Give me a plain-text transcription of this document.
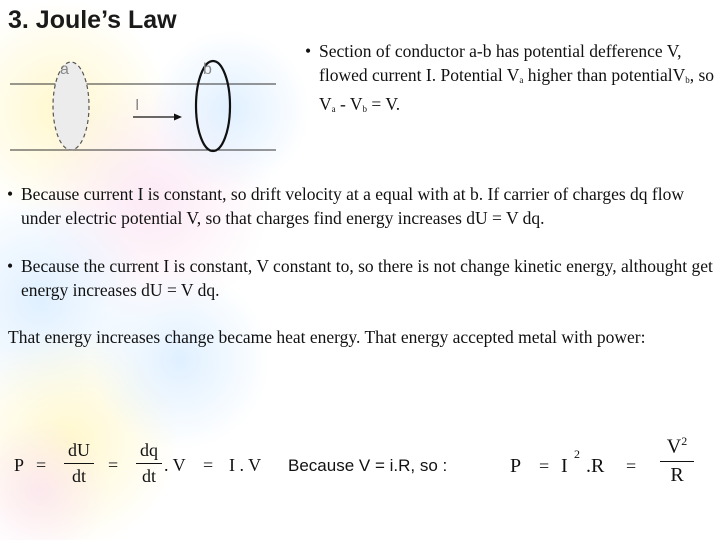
3. Joule’s Law
a	b
I
• Section of conductor a-b has potential defference V, flowed current I. Potential $V_a$ higher than potentialV$_b$, so $V_a - V_b = V$.
• Because current I is constant, so drift velocity at a equal with at b. If carrier of charges dq flow under electric potential V, so that charges find energy increases dU = V dq.
• Because the current I is constant, V constant to, so there is not change kinetic energy, althought get energy increases dU = V dq.
That energy increases change became heat energy. That energy accepted metal with power:
P =
dU
dt
=
dq
dt
. V = I . V Because V = i.R, so :	P = I
2
.R =
$V^2$
R
